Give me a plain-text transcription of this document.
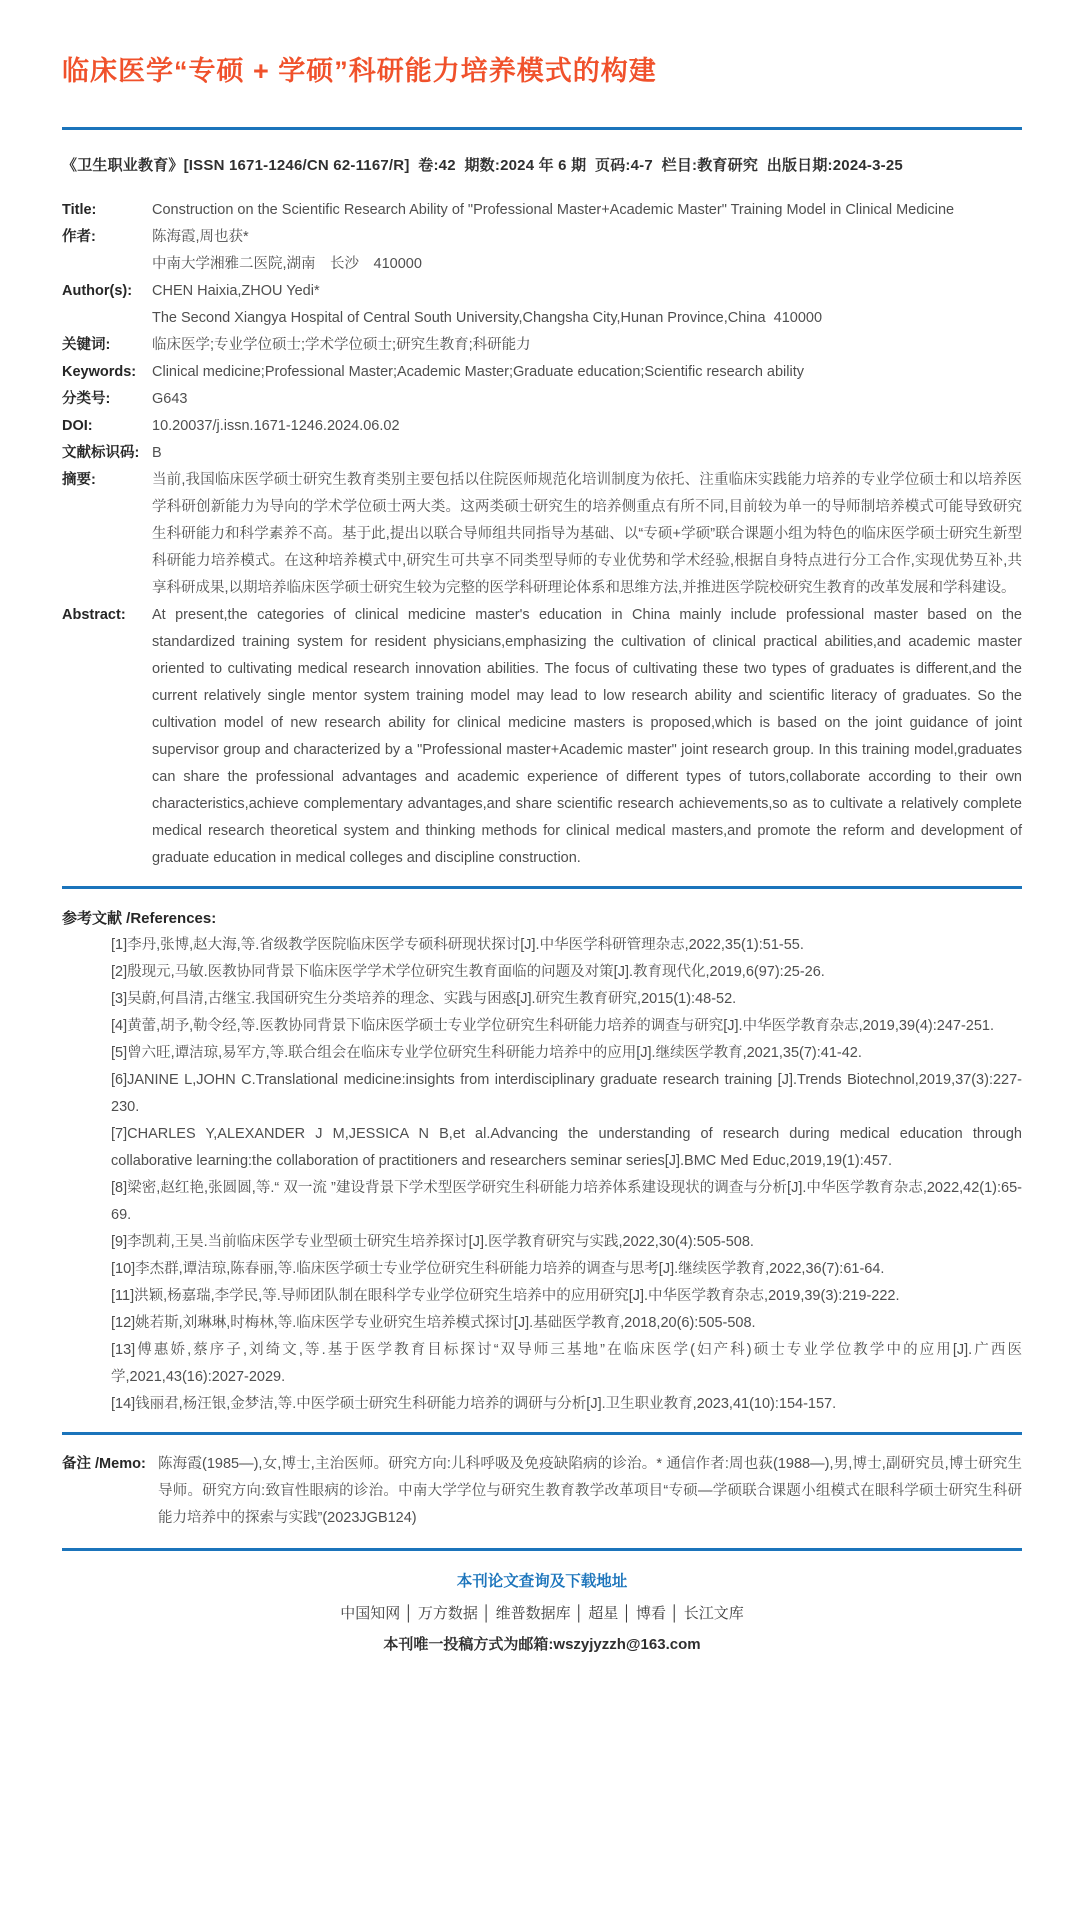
临床医学“专硕 + 学硕”科研能力培养模式的构建
《卫生职业教育》[ISSN 1671-1246/CN 62-1167/R]  卷:42  期数:2024 年 6 期  页码:4-7  栏目:教育研究  出版日期:2024-3-25
Title:	Construction on the Scientific Research Ability of "Professional Master+Academic Master" Training Model in Clinical Medicine

作者:	陈海霞,周也获*

中南大学湘雅二医院,湖南　长沙　410000

Author(s):	CHEN Haixia,ZHOU Yedi*

The Second Xiangya Hospital of Central South University,Changsha City,Hunan Province,China  410000

关键词:	临床医学;专业学位硕士;学术学位硕士;研究生教育;科研能力

Keywords:	Clinical medicine;Professional Master;Academic Master;Graduate education;Scientific research ability

分类号:	G643

DOI:	10.20037/j.issn.1671-1246.2024.06.02

文献标识码: B

摘要:	当前,我国临床医学硕士研究生教育类别主要包括以住院医师规范化培训制度为依托、注重临床实践能力培养的专业学位硕士和以培养医学科研创新能力为导向的学术学位硕士两大类。这两类硕士研究生的培养侧重点有所不同,目前较为单一的导师制培养模式可能导致研究生科研能力和科学素养不高。基于此,提出以联合导师组共同指导为基础、以“专硕+学硕”联合课题小组为特色的临床医学硕士研究生新型科研能力培养模式。在这种培养模式中,研究生可共享不同类型导师的专业优势和学术经验,根据自身特点进行分工合作,实现优势互补,共享科研成果,以期培养临床医学硕士研究生较为完整的医学科研理论体系和思维方法,并推进医学院校研究生教育的改革发展和学科建设。

Abstract:	At present,the categories of clinical medicine master's education in China mainly include professional master based on the standardized training system for resident physicians,emphasizing the cultivation of clinical practical abilities,and academic master oriented to cultivating medical research innovation abilities. The focus of cultivating these two types of graduates is different,and the current relatively single mentor system training model may lead to low research ability and scientific literacy of graduates. So the cultivation model of new research ability for clinical medicine masters is proposed,which is based on the joint guidance of joint supervisor group and characterized by a "Professional master+Academic master" joint research group. In this training model,graduates can share the professional advantages and academic experience of different types of tutors,collaborate according to their own characteristics,achieve complementary advantages,and share scientific research achievements,so as to cultivate a relatively complete medical research theoretical system and thinking methods for clinical medical masters,and promote the reform and development of graduate education in medical colleges and discipline construction.

参考文献 /References:

[1]李丹,张博,赵大海,等.省级教学医院临床医学专硕科研现状探讨[J].中华医学科研管理杂志,2022,35(1):51-55.

[2]殷现元,马敏.医教协同背景下临床医学学术学位研究生教育面临的问题及对策[J].教育现代化,2019,6(97):25-26.

[3]吴蔚,何昌清,古继宝.我国研究生分类培养的理念、实践与困惑[J].研究生教育研究,2015(1):48-52.

[4]黄蕾,胡予,勒令经,等.医教协同背景下临床医学硕士专业学位研究生科研能力培养的调查与研究[J].中华医学教育杂志,2019,39(4):247-251.

[5]曾六旺,谭洁琼,易军方,等.联合组会在临床专业学位研究生科研能力培养中的应用[J].继续医学教育,2021,35(7):41-42.

[6]JANINE L,JOHN C.Translational medicine:insights from interdisciplinary graduate research training [J].Trends Biotechnol,2019,37(3):227-230.

[7]CHARLES Y,ALEXANDER J M,JESSICA N B,et al.Advancing the understanding of research during medical education through collaborative learning:the collaboration of practitioners and researchers seminar series[J].BMC Med Educ,2019,19(1):457.

[8]梁密,赵红艳,张圆圆,等.“ 双一流 ”建设背景下学术型医学研究生科研能力培养体系建设现状的调查与分析[J].中华医学教育杂志,2022,42(1):65-69.

[9]李凯莉,王昊.当前临床医学专业型硕士研究生培养探讨[J].医学教育研究与实践,2022,30(4):505-508.

[10]李杰群,谭洁琼,陈春丽,等.临床医学硕士专业学位研究生科研能力培养的调查与思考[J].继续医学教育,2022,36(7):61-64.

[11]洪颖,杨嘉瑞,李学民,等.导师团队制在眼科学专业学位研究生培养中的应用研究[J].中华医学教育杂志,2019,39(3):219-222.

[12]姚若斯,刘琳琳,时梅林,等.临床医学专业研究生培养模式探讨[J].基础医学教育,2018,20(6):505-508.

[13]傅惠娇,蔡序子,刘绮文,等.基于医学教育目标探讨“双导师三基地”在临床医学(妇产科)硕士专业学位教学中的应用[J].广西医学,2021,43(16):2027-2029.

[14]钱丽君,杨汪银,金梦洁,等.中医学硕士研究生科研能力培养的调研与分析[J].卫生职业教育,2023,41(10):154-157.

备注 /Memo: 陈海霞(1985—),女,博士,主治医师。研究方向:儿科呼吸及免疫缺陷病的诊治。* 通信作者:周也荻(1988—),男,博士,副研究员,博士研究生导师。研究方向:致盲性眼病的诊治。中南大学学位与研究生教育教学改革项目“专硕—学硕联合课题小组模式在眼科学硕士研究生科研能力培养中的探索与实践”(2023JGB124)

本刊论文查询及下载地址
中国知网 │ 万方数据 │ 维普数据库 │ 超星 │ 博看 │ 长江文库
本刊唯一投稿方式为邮箱:wszyjyzzh@163.com
